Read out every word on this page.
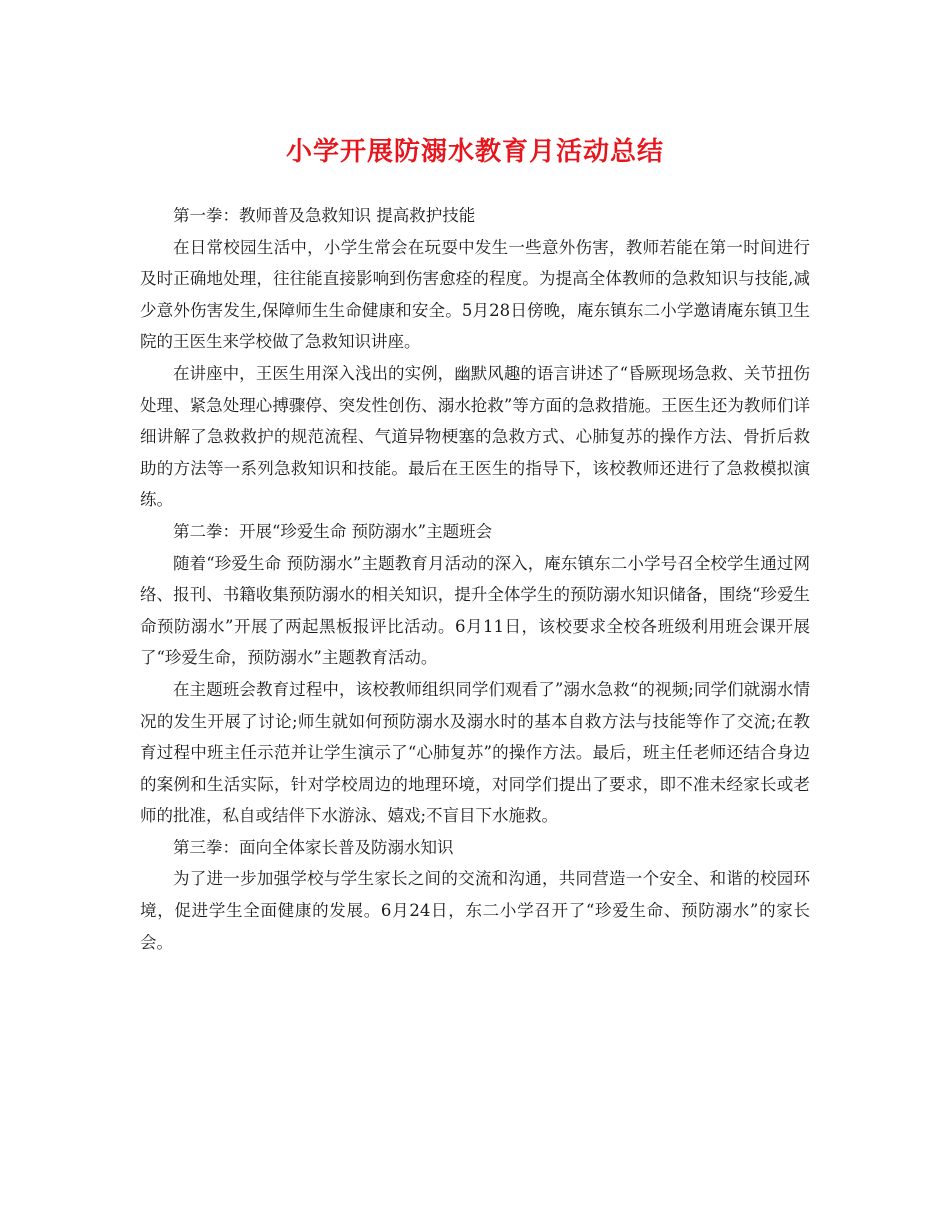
小学开展防溺水教育月活动总结

第一拳：教师普及急救知识 提高救护技能

在日常校园生活中，小学生常会在玩耍中发生一些意外伤害，教师若能在第一时间进行及时正确地处理，往往能直接影响到伤害愈痊的程度。为提高全体教师的急救知识与技能,减少意外伤害发生,保障师生生命健康和安全。5月28日傍晚，庵东镇东二小学邀请庵东镇卫生院的王医生来学校做了急救知识讲座。

在讲座中，王医生用深入浅出的实例，幽默风趣的语言讲述了“昏厥现场急救、关节扭伤处理、紧急处理心搏骤停、突发性创伤、溺水抢救”等方面的急救措施。王医生还为教师们详细讲解了急救救护的规范流程、气道异物梗塞的急救方式、心肺复苏的操作方法、骨折后救助的方法等一系列急救知识和技能。最后在王医生的指导下，该校教师还进行了急救模拟演练。

第二拳：开展“珍爱生命 预防溺水”主题班会

随着“珍爱生命 预防溺水”主题教育月活动的深入，庵东镇东二小学号召全校学生通过网络、报刊、书籍收集预防溺水的相关知识，提升全体学生的预防溺水知识储备，围绕“珍爱生命预防溺水”开展了两起黑板报评比活动。6月11日，该校要求全校各班级利用班会课开展了“珍爱生命，预防溺水”主题教育活动。

在主题班会教育过程中，该校教师组织同学们观看了”溺水急救“的视频;同学们就溺水情况的发生开展了讨论;师生就如何预防溺水及溺水时的基本自救方法与技能等作了交流;在教育过程中班主任示范并让学生演示了“心肺复苏”的操作方法。最后，班主任老师还结合身边的案例和生活实际，针对学校周边的地理环境，对同学们提出了要求，即不准未经家长或老师的批准，私自或结伴下水游泳、嬉戏;不盲目下水施救。

第三拳：面向全体家长普及防溺水知识

为了进一步加强学校与学生家长之间的交流和沟通，共同营造一个安全、和谐的校园环境，促进学生全面健康的发展。6月24日，东二小学召开了“珍爱生命、预防溺水”的家长会。
